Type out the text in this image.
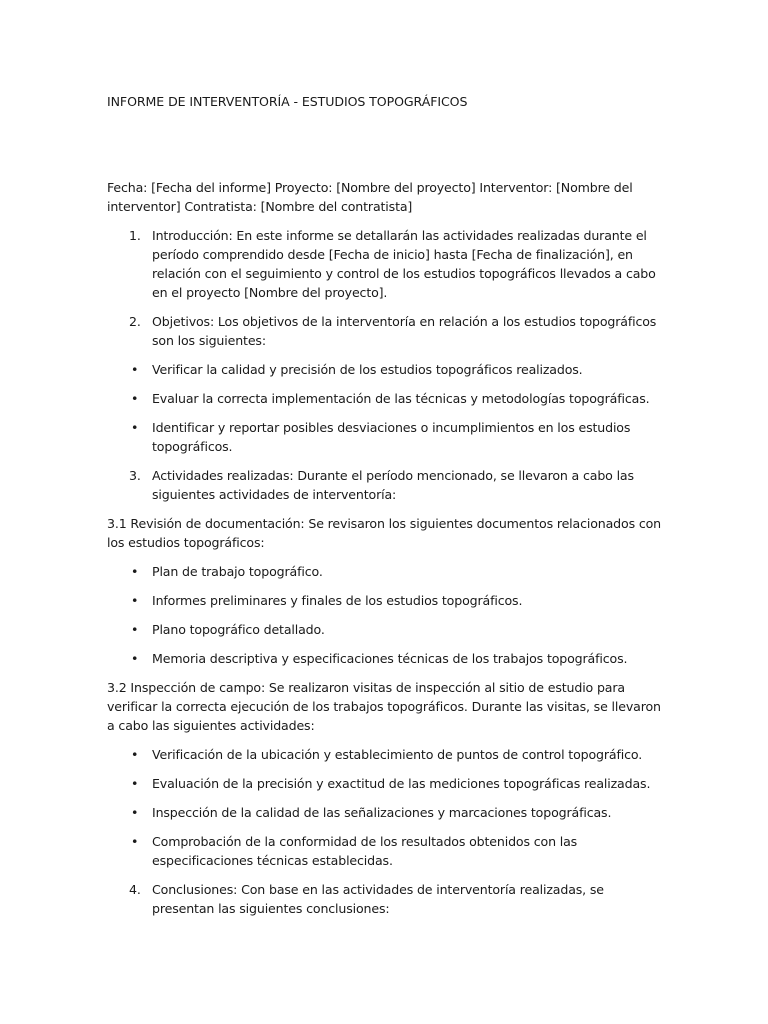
INFORME DE INTERVENTORÍA - ESTUDIOS TOPOGRÁFICOS

Fecha: [Fecha del informe] Proyecto: [Nombre del proyecto] Interventor: [Nombre del interventor] Contratista: [Nombre del contratista]

1. Introducción: En este informe se detallarán las actividades realizadas durante el período comprendido desde [Fecha de inicio] hasta [Fecha de finalización], en relación con el seguimiento y control de los estudios topográficos llevados a cabo en el proyecto [Nombre del proyecto].
2. Objetivos: Los objetivos de la interventoría en relación a los estudios topográficos son los siguientes:
• Verificar la calidad y precisión de los estudios topográficos realizados.
• Evaluar la correcta implementación de las técnicas y metodologías topográficas.
• Identificar y reportar posibles desviaciones o incumplimientos en los estudios topográficos.
3. Actividades realizadas: Durante el período mencionado, se llevaron a cabo las siguientes actividades de interventoría:

3.1 Revisión de documentación: Se revisaron los siguientes documentos relacionados con los estudios topográficos:

• Plan de trabajo topográfico.
• Informes preliminares y finales de los estudios topográficos.
• Plano topográfico detallado.
• Memoria descriptiva y especificaciones técnicas de los trabajos topográficos.

3.2 Inspección de campo: Se realizaron visitas de inspección al sitio de estudio para verificar la correcta ejecución de los trabajos topográficos. Durante las visitas, se llevaron a cabo las siguientes actividades:

• Verificación de la ubicación y establecimiento de puntos de control topográfico.
• Evaluación de la precisión y exactitud de las mediciones topográficas realizadas.
• Inspección de la calidad de las señalizaciones y marcaciones topográficas.
• Comprobación de la conformidad de los resultados obtenidos con las especificaciones técnicas establecidas.
4. Conclusiones: Con base en las actividades de interventoría realizadas, se presentan las siguientes conclusiones:
